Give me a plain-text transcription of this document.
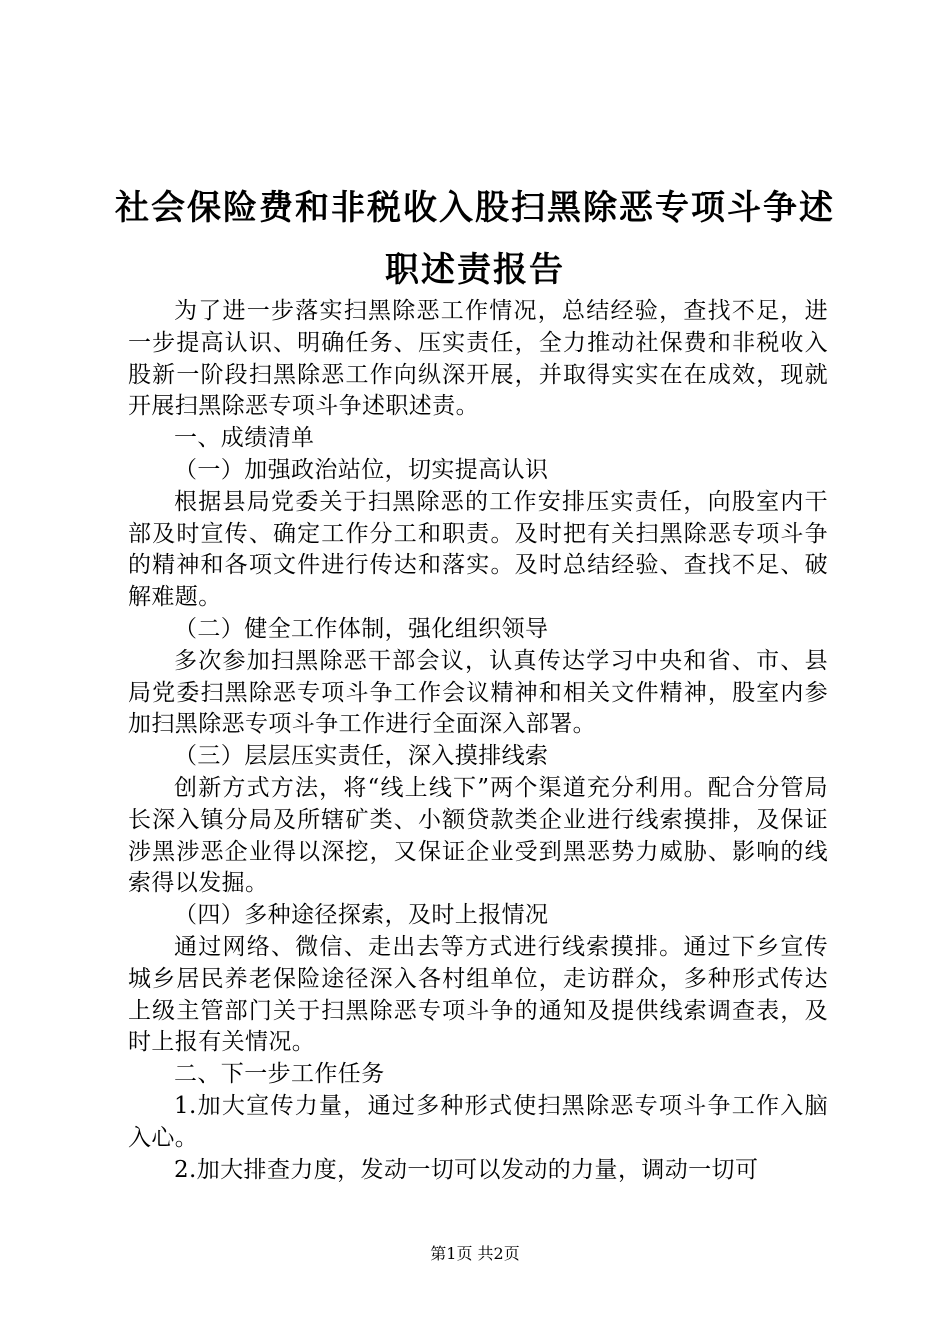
社会保险费和非税收入股扫黑除恶专项斗争述
职述责报告

为了进一步落实扫黑除恶工作情况，总结经验，查找不足，进一步提高认识、明确任务、压实责任，全力推动社保费和非税收入股新一阶段扫黑除恶工作向纵深开展，并取得实实在在成效，现就开展扫黑除恶专项斗争述职述责。

一、成绩清单

（一）加强政治站位，切实提高认识

根据县局党委关于扫黑除恶的工作安排压实责任，向股室内干部及时宣传、确定工作分工和职责。及时把有关扫黑除恶专项斗争的精神和各项文件进行传达和落实。及时总结经验、查找不足、破解难题。

（二）健全工作体制，强化组织领导

多次参加扫黑除恶干部会议，认真传达学习中央和省、市、县局党委扫黑除恶专项斗争工作会议精神和相关文件精神，股室内参加扫黑除恶专项斗争工作进行全面深入部署。

（三）层层压实责任，深入摸排线索

创新方式方法，将“线上线下”两个渠道充分利用。配合分管局长深入镇分局及所辖矿类、小额贷款类企业进行线索摸排，及保证涉黑涉恶企业得以深挖，又保证企业受到黑恶势力威胁、影响的线索得以发掘。

（四）多种途径探索，及时上报情况

通过网络、微信、走出去等方式进行线索摸排。通过下乡宣传城乡居民养老保险途径深入各村组单位，走访群众，多种形式传达上级主管部门关于扫黑除恶专项斗争的通知及提供线索调查表，及时上报有关情况。

二、下一步工作任务

1.加大宣传力量，通过多种形式使扫黑除恶专项斗争工作入脑入心。

2.加大排查力度，发动一切可以发动的力量，调动一切可

第1页 共2页
